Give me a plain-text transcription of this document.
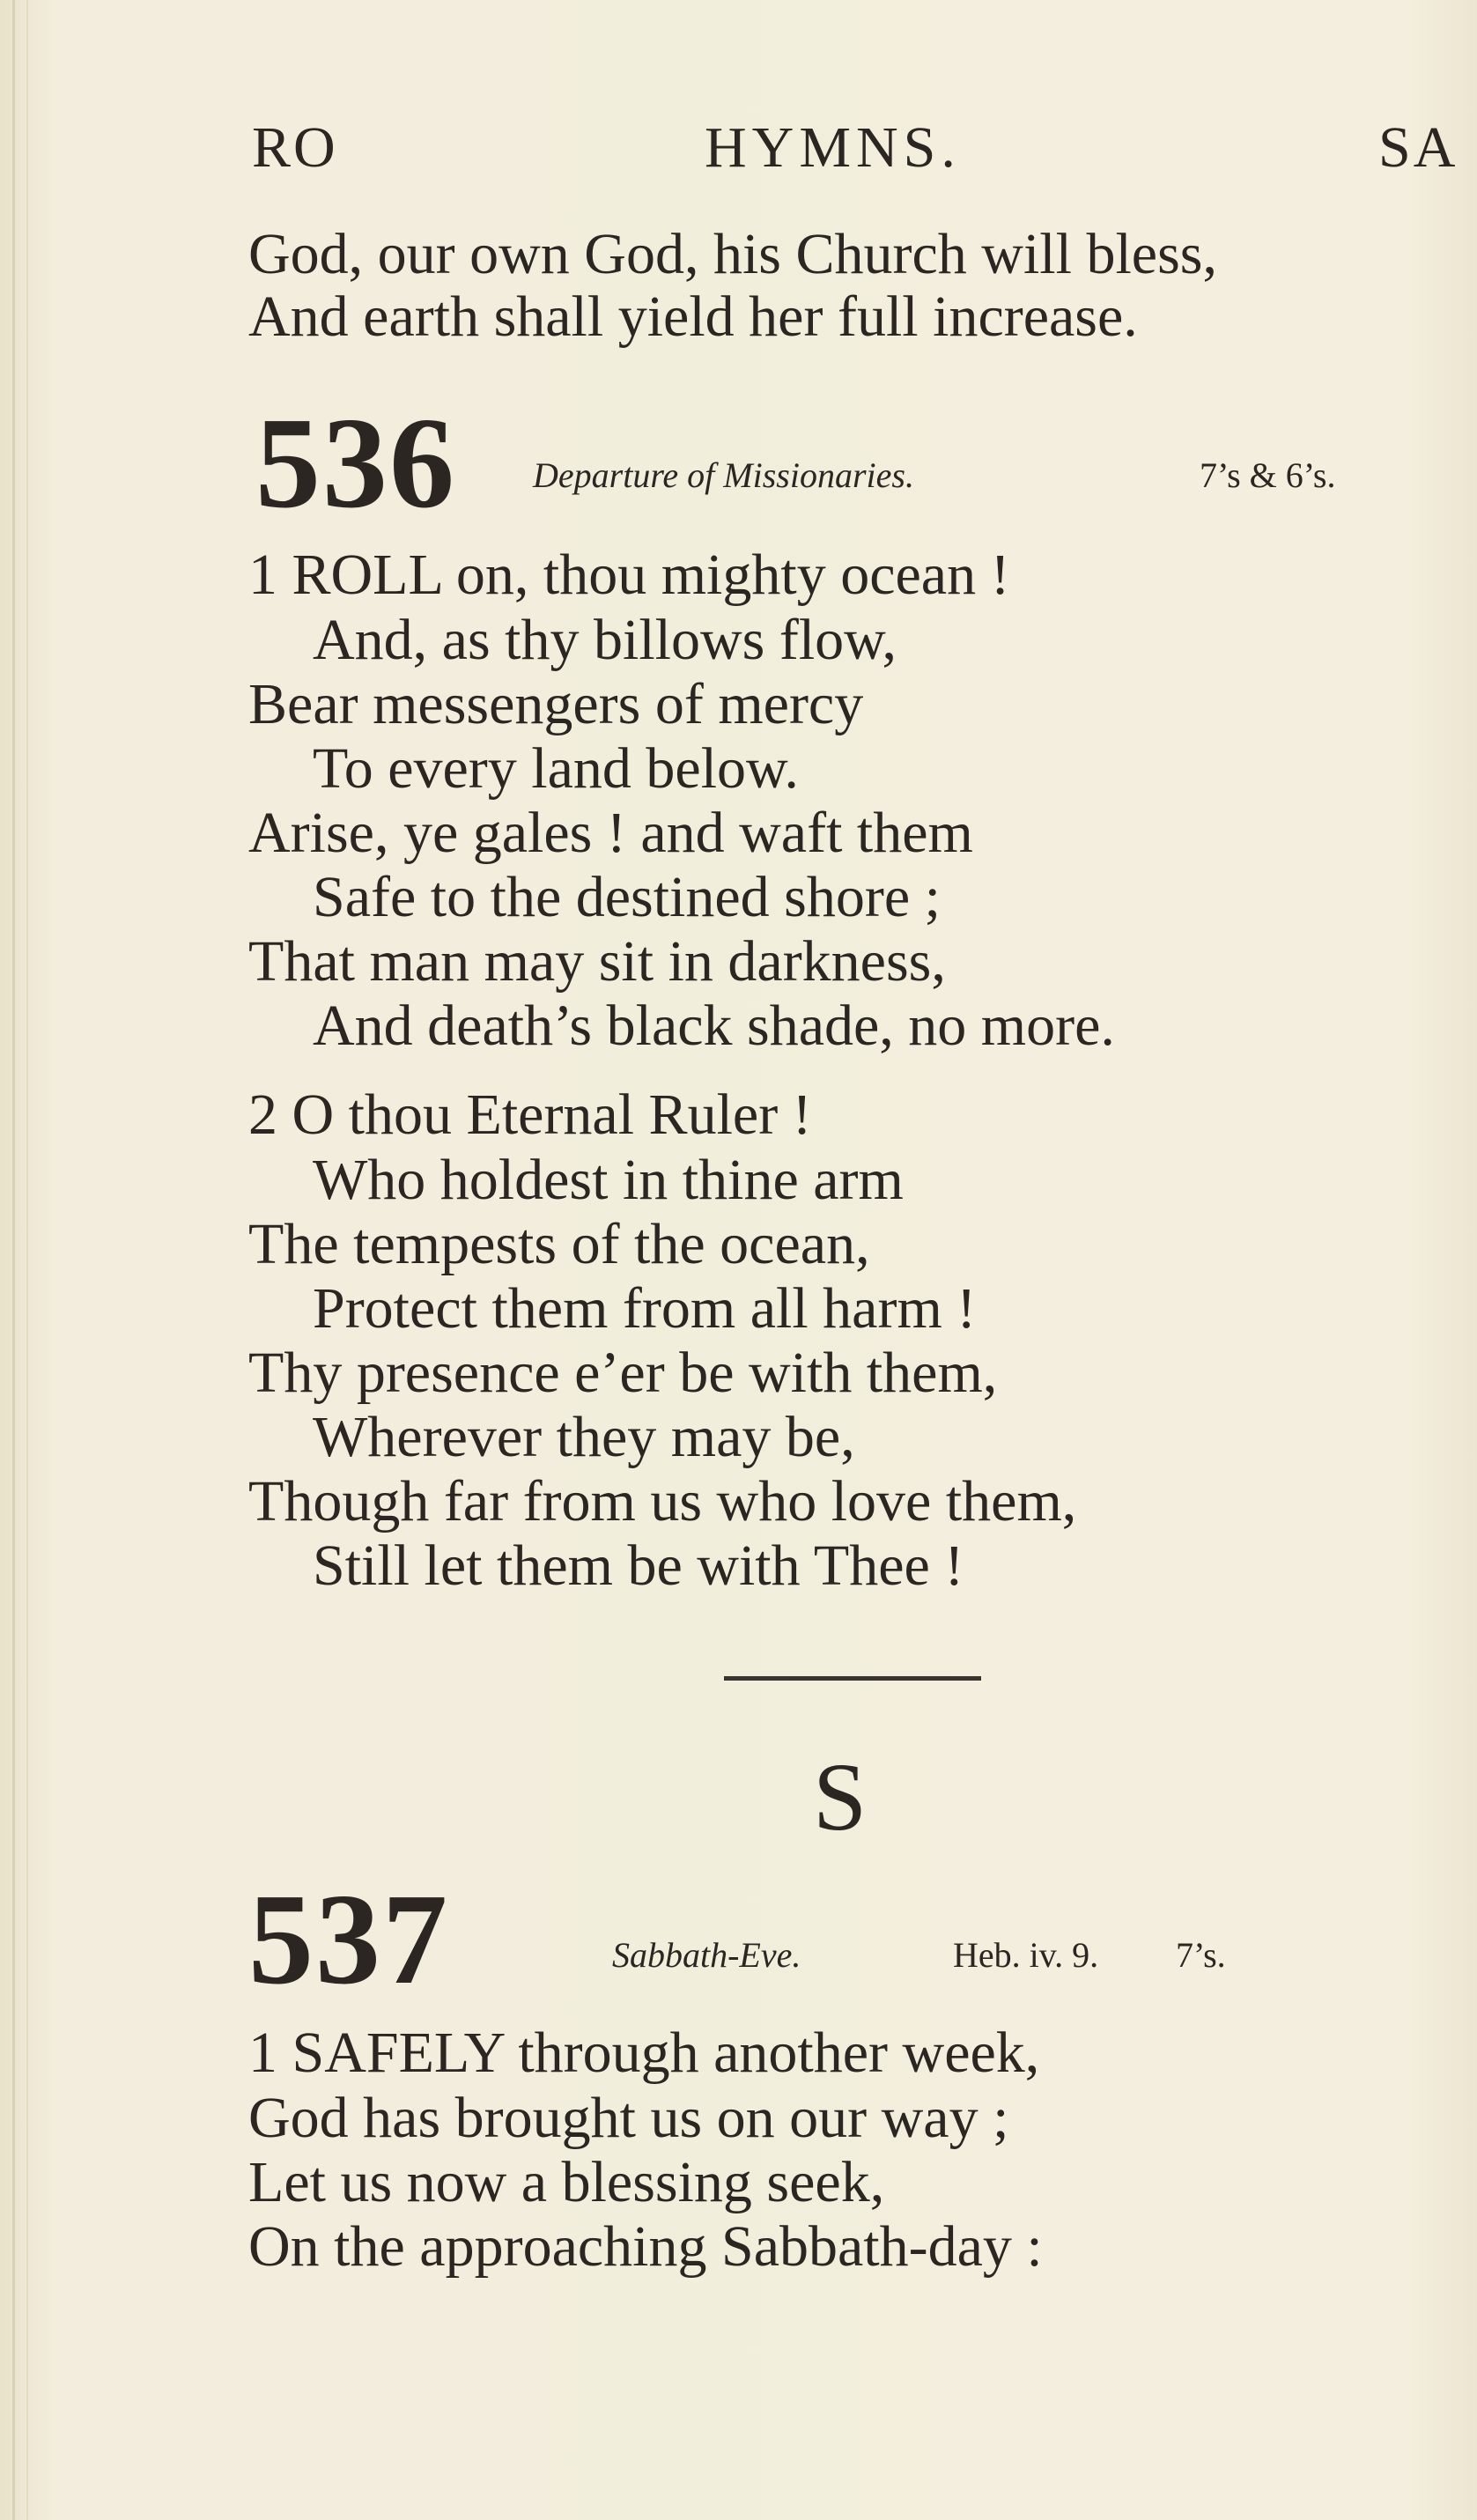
RO	HYMNS.	SA
God, our own God, his Church will bless,
And earth shall yield her full increase.
536 Departure of Missionaries.	7’s & 6’s.
1 ROLL on, thou mighty ocean !
And, as thy billows flow,
Bear messengers of mercy
To every land below.
Arise, ye gales ! and waft them
Safe to the destined shore ;
That man may sit in darkness,
And death’s black shade, no more.
2 O thou Eternal Ruler !
Who holdest in thine arm
The tempests of the ocean,
Protect them from all harm !
Thy presence e’er be with them,
Wherever they may be,
Though far from us who love them,
Still let them be with Thee !
S
537	Sabbath-Eve.	Heb. iv. 9. 7’s.
1 SAFELY through another week,
God has brought us on our way ;
Let us now a blessing seek,
On the approaching Sabbath-day :
